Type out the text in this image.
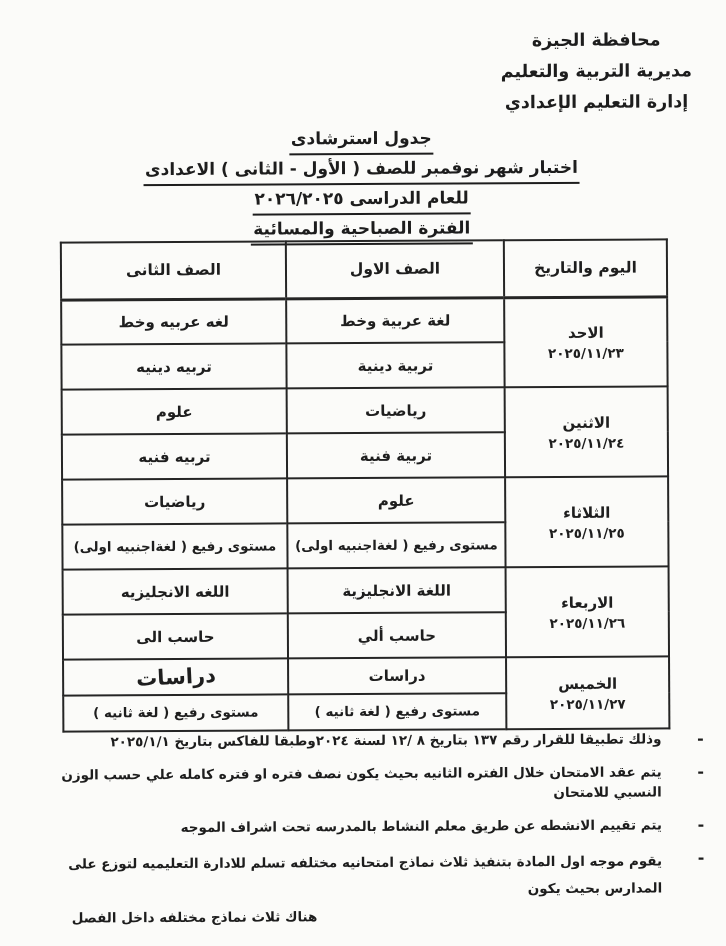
محافظة الجيزة
مديرية التربية والتعليم
إدارة التعليم الإعدادي
جدول استرشادى
اختبار شهر نوفمبر للصف ( الأول - الثانى ) الاعدادى
للعام الدراسى ٢٠٢٦/٢٠٢٥
الفترة الصباحية والمسائية
اليوم والتاريخ	الصف الاول	الصف الثانى

الاحد
٢٠٢٥/١١/٢٣	لغة عربية وخط	لغه عربيه وخط
	تربية دينية	تربيه دينيه

الاثنين
٢٠٢٥/١١/٢٤	رياضيات	علوم
	تربية فنية	تربيه فنيه

الثلاثاء
٢٠٢٥/١١/٢٥	علوم	رياضيات
	مستوى رفيع ( لغةاجنبيه اولى)	مستوى رفيع ( لغةاجنبيه اولى)

الاربعاء
٢٠٢٥/١١/٢٦	اللغة الانجليزية	اللغه الانجليزيه
	حاسب ألي	حاسب الى

الخميس
٢٠٢٥/١١/٢٧	دراسات	دراسات
	مستوى رفيع ( لغة ثانيه )	مستوى رفيع ( لغة ثانيه )
-
وذلك تطبيقا للقرار رقم ١٣٧ بتاريخ ٨ /١٢ لسنة ٢٠٢٤وطبقا للفاكس بتاريخ ٢٠٢٥/١/١
-
يتم عقد الامتحان خلال الفتره الثانيه بحيث يكون نصف فتره او فتره كامله علي حسب الوزن النسبي للامتحان
-
يتم تقييم الانشطه عن طريق معلم النشاط بالمدرسه تحت اشراف الموجه
-
يقوم موجه اول المادة بتنفيذ ثلاث نماذج امتحانيه مختلفه تسلم للادارة التعليميه لتوزع على المدارس بحيث يكون
هناك ثلاث نماذج مختلفه داخل الفصل
